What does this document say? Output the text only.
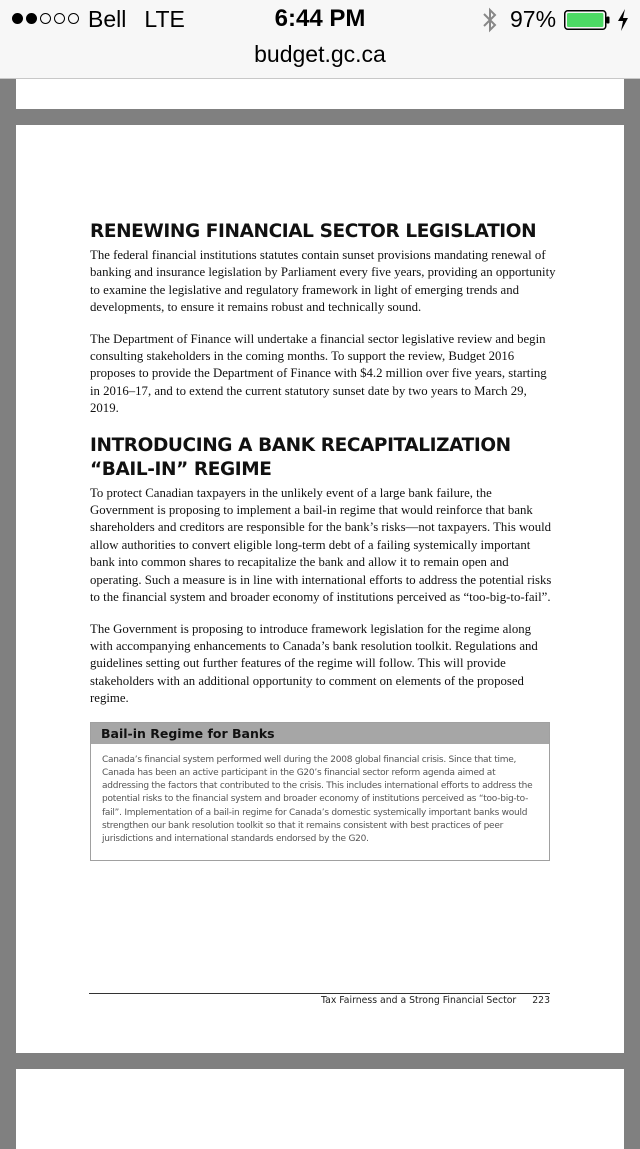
Bell LTE	6:44 PM	97%
budget.gc.ca
RENEWING FINANCIAL SECTOR LEGISLATION

The federal financial institutions statutes contain sunset provisions mandating renewal of banking and insurance legislation by Parliament every five years, providing an opportunity to examine the legislative and regulatory framework in light of emerging trends and developments, to ensure it remains robust and technically sound.

The Department of Finance will undertake a financial sector legislative review and begin consulting stakeholders in the coming months. To support the review, Budget 2016 proposes to provide the Department of Finance with $4.2 million over five years, starting in 2016–17, and to extend the current statutory sunset date by two years to March 29, 2019.

INTRODUCING A BANK RECAPITALIZATION
“BAIL-IN” REGIME

To protect Canadian taxpayers in the unlikely event of a large bank failure, the Government is proposing to implement a bail-in regime that would reinforce that bank shareholders and creditors are responsible for the bank’s risks—not taxpayers. This would allow authorities to convert eligible long-term debt of a failing systemically important bank into common shares to recapitalize the bank and allow it to remain open and operating. Such a measure is in line with international efforts to address the potential risks to the financial system and broader economy of institutions perceived as “too-big-to-fail”.

The Government is proposing to introduce framework legislation for the regime along with accompanying enhancements to Canada’s bank resolution toolkit. Regulations and guidelines setting out further features of the regime will follow. This will provide stakeholders with an additional opportunity to comment on elements of the proposed regime.

Bail-in Regime for Banks
Canada’s financial system performed well during the 2008 global financial crisis. Since that time, Canada has been an active participant in the G20’s financial sector reform agenda aimed at addressing the factors that contributed to the crisis. This includes international efforts to address the potential risks to the financial system and broader economy of institutions perceived as “too-big-to-fail”. Implementation of a bail-in regime for Canada’s domestic systemically important banks would strengthen our bank resolution toolkit so that it remains consistent with best practices of peer jurisdictions and international standards endorsed by the G20.
Tax Fairness and a Strong Financial Sector 223
